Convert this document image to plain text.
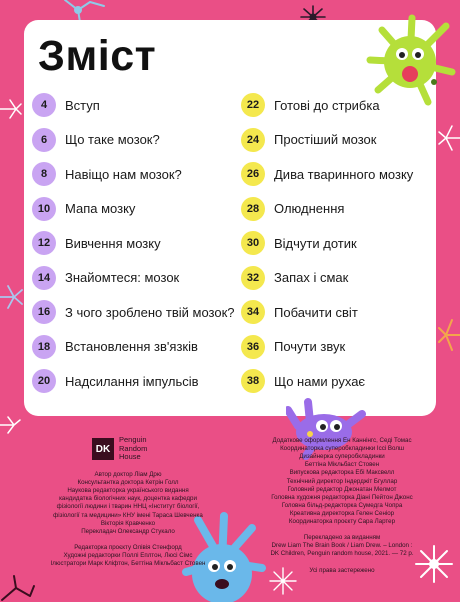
Зміст
4	Вступ
6	Що таке мозок?
8	Навіщо нам мозок?
10	Мапа мозку
12	Вивчення мозку
14	Знайомтеся: мозок
16	З чого зроблено твій мозок?
18	Встановлення зв'язків
20	Надсилання імпульсів
22	Готові до стрибка
24	Простіший мозок
26	Дива тваринного мозку
28	Олюднення
30	Відчути дотик
32	Запах і смак
34	Побачити світ
36	Почути звук
38	Що нами рухає
DK
Penguin
Random
House
Автор доктор Ліам Дрю
Консультантка доктора Кетрін Голл
Наукова редакторка українського видання
кандидатка біологічних наук, доцентка кафедри
фізіології людини і тварин ННЦ «Інститут біології,
фізіології та медицини» КНУ імені Тараса Шевченка
Вікторія Кравченко
Перекладач Олександр Стукало
Редакторка проєкту Олівія Стенфорд
Художні редакторки Поллі Еплтон, Люсі Сімс
Ілюстратори Марк Кліфтон, Беттіна Мікльбаст Стовен
Додаткове оформлення Ен Каннінгс, Седі Томас
Координаторка суперобкладинки Ісcі Волш
Дизайнерка суперобкладинки
Беттіна Мікльбаст Стовен
Випускова редакторка Ебі Максвелл
Технічний директор Індерджіт Бгуллар
Головний редактор Джонатан Мелмот
Головна художня редакторка Діані Пейтон Джонс
Головна більд-редакторка Сумедга Чопра
Креативна директорка Гелен Сеніор
Координаторка проєкту Сара Лартер
Перекладено за виданням
Drew Liam The Brain Book / Liam Drew. – London :
DK Children, Penguin random house, 2021. — 72 p.
Усі права застережено
